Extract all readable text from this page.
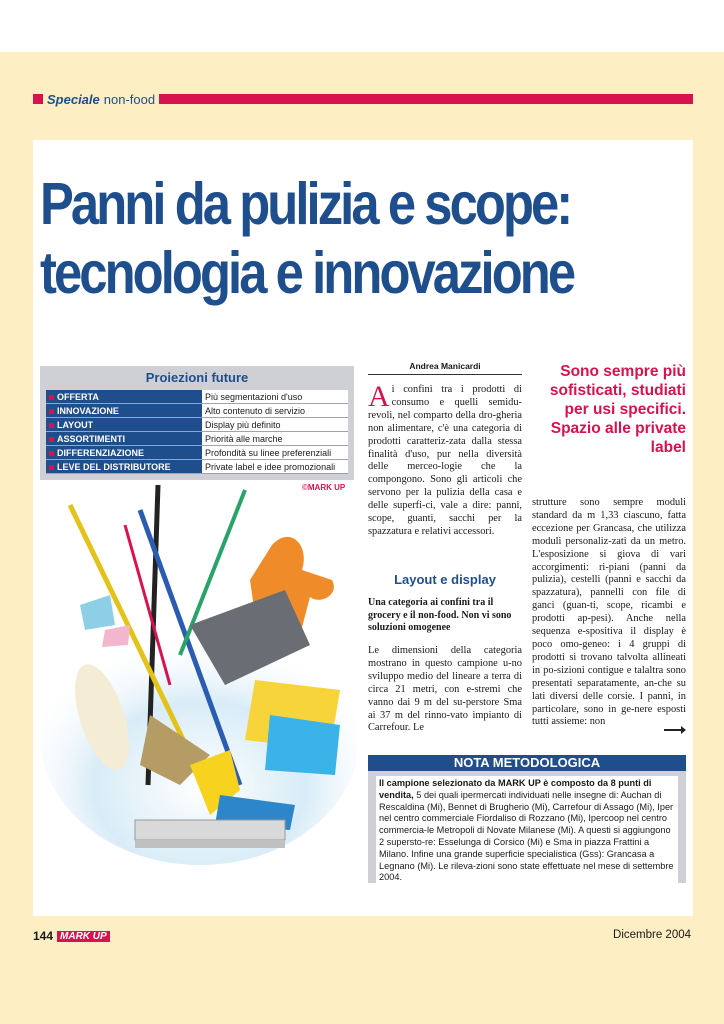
Speciale non-food
Panni da pulizia e scope:
tecnologia e innovazione
Proiezioni future
OFFERTA	Più segmentazioni d'uso
INNOVAZIONE	Alto contenuto di servizio
LAYOUT	Display più definito
ASSORTIMENTI	Priorità alle marche
DIFFERENZIAZIONE	Profondità su linee preferenziali
LEVE DEL DISTRIBUTORE	Private label e idee promozionali
©MARK UP
Andrea Manicardi

Ai confini tra i prodotti di consumo e quelli semidu-revoli, nel comparto della dro-gheria non alimentare, c'è una categoria di prodotti caratteriz-zata dalla stessa finalità d'uso, pur nella diversità delle merceo-logie che la compongono. Sono gli articoli che servono per la pulizia della casa e delle superfi-ci, vale a dire: panni, scope, guanti, sacchi per la spazzatura e relativi accessori.

Layout e display

Una categoria ai confini tra il grocery e il non-food. Non vi sono soluzioni omogenee

Le dimensioni della categoria mostrano in questo campione u-no sviluppo medio del lineare a terra di circa 21 metri, con e-stremi che vanno dai 9 m del su-perstore Sma ai 37 m del rinno-vato impianto di Carrefour. Le

strutture sono sempre moduli standard da m 1,33 ciascuno, fatta eccezione per Grancasa, che utilizza moduli personaliz-zati da un metro. L'esposizione si giova di vari accorgimenti: ri-piani (panni da pulizia), cestelli (panni e sacchi da spazzatura), pannelli con file di ganci (guan-ti, scope, ricambi e prodotti ap-pesi). Anche nella sequenza e-spositiva il display è poco omo-geneo: i 4 gruppi di prodotti si trovano talvolta allineati in po-sizioni contigue e talaltra sono presentati separatamente, an-che su lati diversi delle corsie. I panni, in particolare, sono in ge-nere esposti tutti assieme: non

Sono sempre più sofisticati, studiati per usi specifici. Spazio alle private label

NOTA METODOLOGICA

Il campione selezionato da MARK UP è composto da 8 punti di vendita, 5 dei quali ipermercati individuati nelle insegne di: Auchan di Rescaldina (Mi), Bennet di Brugherio (Mi), Carrefour di Assago (Mi), Iper nel centro commerciale Fiordaliso di Rozzano (Mi), Ipercoop nel centro commercia-le Metropoli di Novate Milanese (Mi). A questi si aggiungono 2 supersto-re: Esselunga di Corsico (Mi) e Sma in piazza Frattini a Milano. Infine una grande superficie specialistica (Gss): Grancasa a Legnano (Mi). Le rileva-zioni sono state effettuate nel mese di settembre 2004.

144 MARK UP	Dicembre 2004
